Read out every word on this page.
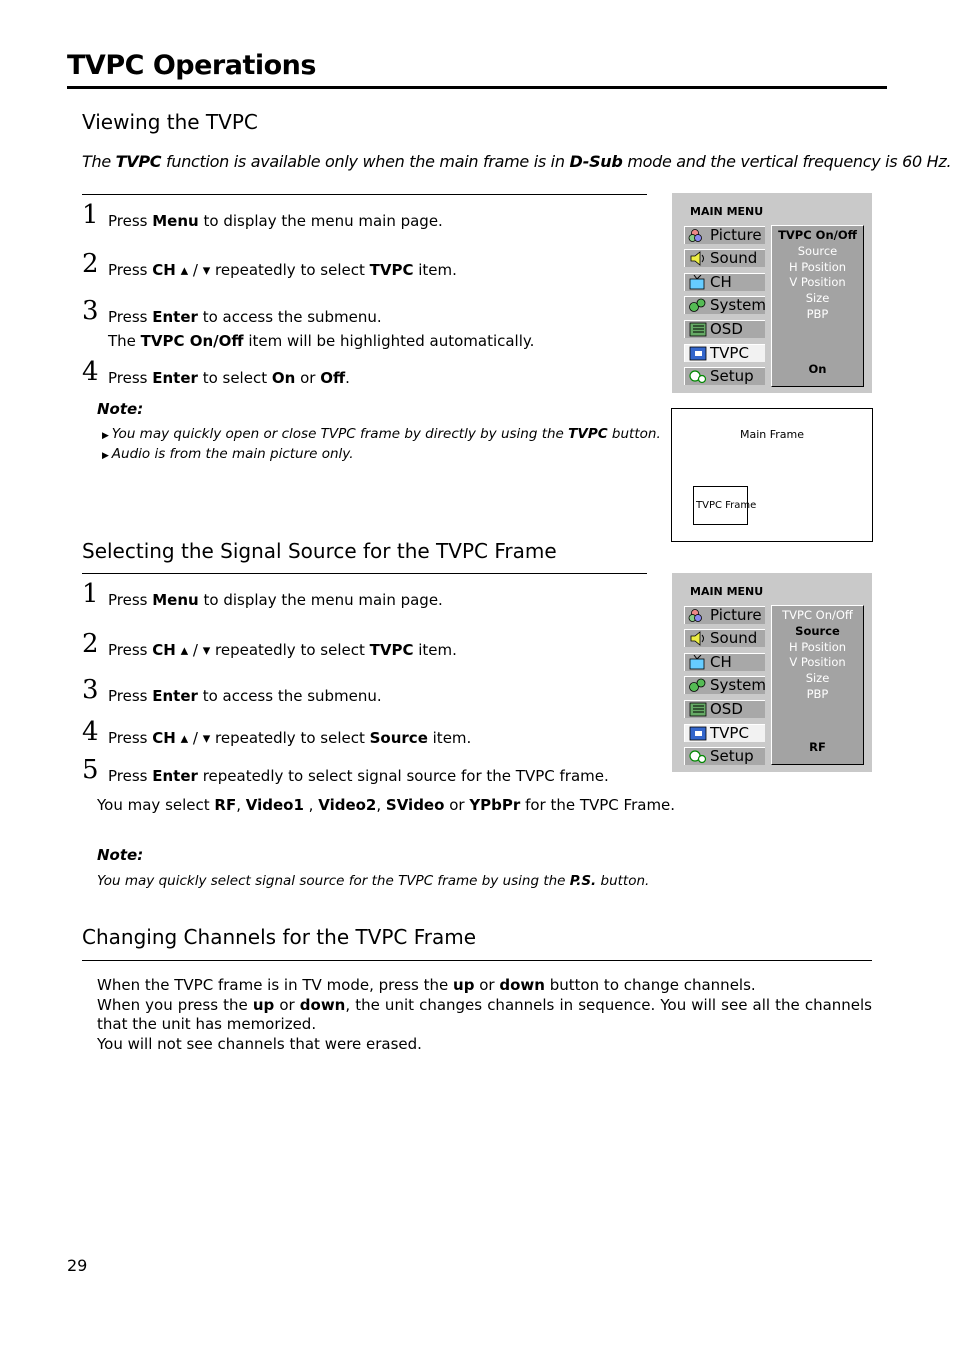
TVPC Operations
Viewing the TVPC
The TVPC function is available only when the main frame is in D-Sub mode and the vertical frequency is 60 Hz.
1 Press Menu to display the menu main page.
2 Press CH ▴ / ▾ repeatedly to select TVPC item.
3 Press Enter to access the submenu.
The TVPC On/Off item will be highlighted automatically.
4 Press Enter to select On or Off.
Note:
▶ You may quickly open or close TVPC frame by directly by using the TVPC button.
▶ Audio is from the main picture only.
MAIN MENU
Picture
Sound
CH
System
OSD
TVPC
Setup
TVPC On/Off
Source
H Position
V Position
Size
PBP
On
Main Frame
TVPC Frame
Selecting the Signal Source for the TVPC Frame
1 Press Menu to display the menu main page.
2 Press CH ▴ / ▾ repeatedly to select TVPC item.
3 Press Enter to access the submenu.
4 Press CH ▴ / ▾ repeatedly to select Source item.
5 Press Enter repeatedly to select signal source for the TVPC frame.
You may select RF, Video1 , Video2, SVideo or YPbPr for the TVPC Frame.
Note:
You may quickly select signal source for the TVPC frame by using the P.S. button.
MAIN MENU
Picture
Sound
CH
System
OSD
TVPC
Setup
TVPC On/Off
Source
H Position
V Position
Size
PBP
RF
Changing Channels for the TVPC Frame
When the TVPC frame is in TV mode, press the up or down button to change channels.
When you press the up or down, the unit changes channels in sequence. You will see all the channels that the unit has memorized.
You will not see channels that were erased.
29
